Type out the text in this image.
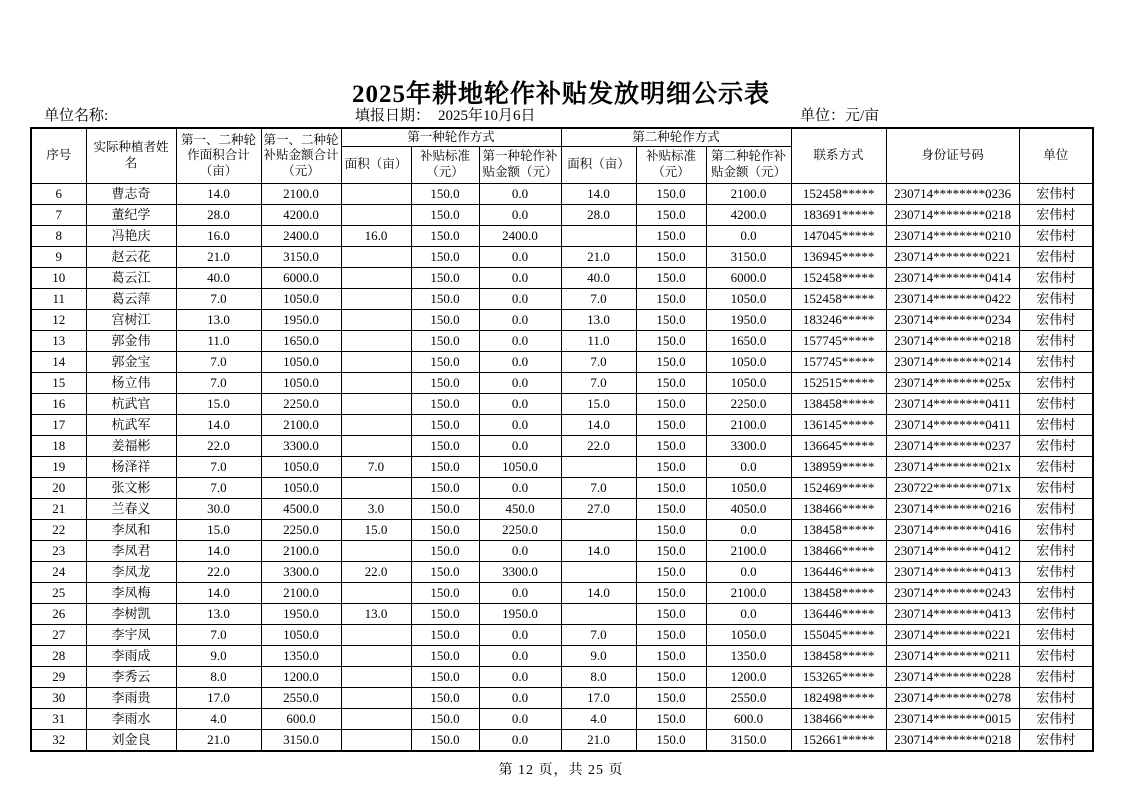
2025年耕地轮作补贴发放明细公示表
单位名称:	填报日期： 2025年10月6日	单位：元/亩
序号	实际种植者姓名	第一、二种轮作面积合计（亩）	第一、二种轮补贴金额合计（元）	第一种轮作方式			第二种轮作方式			联系方式	身份证号码	单位
				面积（亩）	补贴标准（元）	第一种轮作补贴金额（元）	面积（亩）	补贴标准（元）	第二种轮作补贴金额（元）			
6	曹志奇	14.0	2100.0		150.0	0.0	14.0	150.0	2100.0	152458*****	230714********0236	宏伟村
7	董纪学	28.0	4200.0		150.0	0.0	28.0	150.0	4200.0	183691*****	230714********0218	宏伟村
8	冯艳庆	16.0	2400.0	16.0	150.0	2400.0		150.0	0.0	147045*****	230714********0210	宏伟村
9	赵云花	21.0	3150.0		150.0	0.0	21.0	150.0	3150.0	136945*****	230714********0221	宏伟村
10	葛云江	40.0	6000.0		150.0	0.0	40.0	150.0	6000.0	152458*****	230714********0414	宏伟村
11	葛云萍	7.0	1050.0		150.0	0.0	7.0	150.0	1050.0	152458*****	230714********0422	宏伟村
12	宫树江	13.0	1950.0		150.0	0.0	13.0	150.0	1950.0	183246*****	230714********0234	宏伟村
13	郭金伟	11.0	1650.0		150.0	0.0	11.0	150.0	1650.0	157745*****	230714********0218	宏伟村
14	郭金宝	7.0	1050.0		150.0	0.0	7.0	150.0	1050.0	157745*****	230714********0214	宏伟村
15	杨立伟	7.0	1050.0		150.0	0.0	7.0	150.0	1050.0	152515*****	230714********025x	宏伟村
16	杭武官	15.0	2250.0		150.0	0.0	15.0	150.0	2250.0	138458*****	230714********0411	宏伟村
17	杭武军	14.0	2100.0		150.0	0.0	14.0	150.0	2100.0	136145*****	230714********0411	宏伟村
18	姜福彬	22.0	3300.0		150.0	0.0	22.0	150.0	3300.0	136645*****	230714********0237	宏伟村
19	杨泽祥	7.0	1050.0	7.0	150.0	1050.0		150.0	0.0	138959*****	230714********021x	宏伟村
20	张文彬	7.0	1050.0		150.0	0.0	7.0	150.0	1050.0	152469*****	230722********071x	宏伟村
21	兰春义	30.0	4500.0	3.0	150.0	450.0	27.0	150.0	4050.0	138466*****	230714********0216	宏伟村
22	李凤和	15.0	2250.0	15.0	150.0	2250.0		150.0	0.0	138458*****	230714********0416	宏伟村
23	李凤君	14.0	2100.0		150.0	0.0	14.0	150.0	2100.0	138466*****	230714********0412	宏伟村
24	李凤龙	22.0	3300.0	22.0	150.0	3300.0		150.0	0.0	136446*****	230714********0413	宏伟村
25	李凤梅	14.0	2100.0		150.0	0.0	14.0	150.0	2100.0	138458*****	230714********0243	宏伟村
26	李树凯	13.0	1950.0	13.0	150.0	1950.0		150.0	0.0	136446*****	230714********0413	宏伟村
27	李宇凤	7.0	1050.0		150.0	0.0	7.0	150.0	1050.0	155045*****	230714********0221	宏伟村
28	李雨成	9.0	1350.0		150.0	0.0	9.0	150.0	1350.0	138458*****	230714********0211	宏伟村
29	李秀云	8.0	1200.0		150.0	0.0	8.0	150.0	1200.0	153265*****	230714********0228	宏伟村
30	李雨贵	17.0	2550.0		150.0	0.0	17.0	150.0	2550.0	182498*****	230714********0278	宏伟村
31	李雨水	4.0	600.0		150.0	0.0	4.0	150.0	600.0	138466*****	230714********0015	宏伟村
32	刘金良	21.0	3150.0		150.0	0.0	21.0	150.0	3150.0	152661*****	230714********0218	宏伟村
第 12 页，共 25 页
